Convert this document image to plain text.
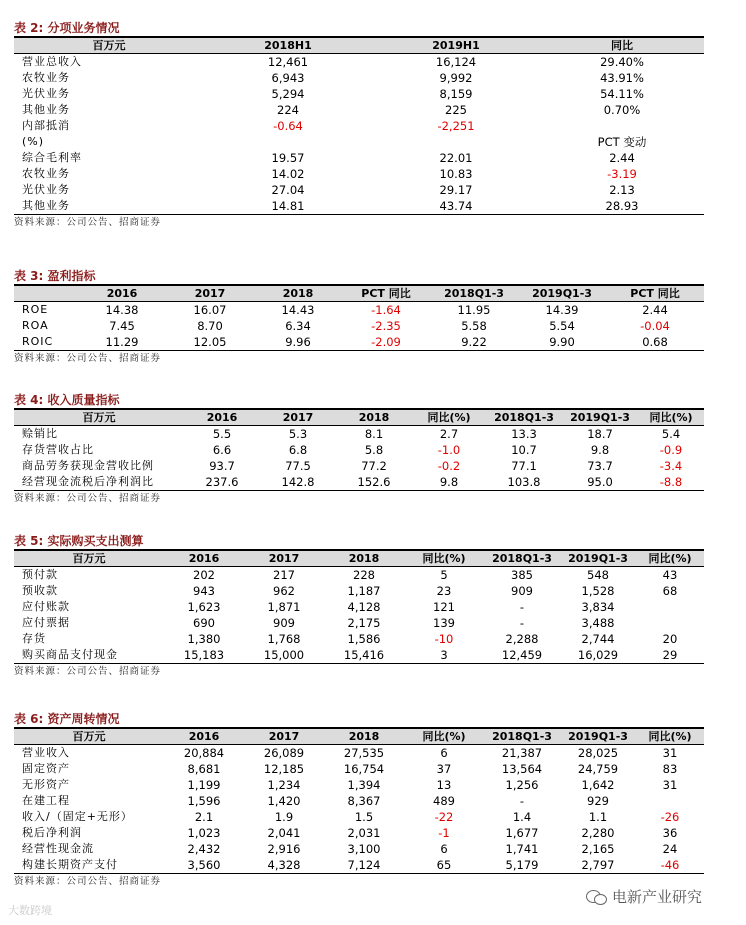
表 2: 分项业务情况
百万元	2018H1	2019H1	同比
营业总收入	12,461	16,124	29.40%
农牧业务	6,943	9,992	43.91%
光伏业务	5,294	8,159	54.11%
其他业务	224	225	0.70%
内部抵消	-0.64	-2,251	
(%)			PCT 变动
综合毛利率	19.57	22.01	2.44
农牧业务	14.02	10.83	-3.19
光伏业务	27.04	29.17	2.13
其他业务	14.81	43.74	28.93
资料来源：公司公告、招商证券
表 3: 盈利指标
	2016	2017	2018	PCT 同比	2018Q1-3	2019Q1-3	PCT 同比
ROE	14.38	16.07	14.43	-1.64	11.95	14.39	2.44
ROA	7.45	8.70	6.34	-2.35	5.58	5.54	-0.04
ROIC	11.29	12.05	9.96	-2.09	9.22	9.90	0.68
资料来源：公司公告、招商证券
表 4: 收入质量指标
百万元	2016	2017	2018	同比(%)	2018Q1-3	2019Q1-3	同比(%)
赊销比	5.5	5.3	8.1	2.7	13.3	18.7	5.4
存货营收占比	6.6	6.8	5.8	-1.0	10.7	9.8	-0.9
商品劳务获现金营收比例	93.7	77.5	77.2	-0.2	77.1	73.7	-3.4
经营现金流税后净利润比	237.6	142.8	152.6	9.8	103.8	95.0	-8.8
资料来源：公司公告、招商证券
表 5: 实际购买支出测算
百万元	2016	2017	2018	同比(%)	2018Q1-3	2019Q1-3	同比(%)
预付款	202	217	228	5	385	548	43
预收款	943	962	1,187	23	909	1,528	68
应付账款	1,623	1,871	4,128	121	-	3,834	
应付票据	690	909	2,175	139	-	3,488	
存货	1,380	1,768	1,586	-10	2,288	2,744	20
购买商品支付现金	15,183	15,000	15,416	3	12,459	16,029	29
资料来源：公司公告、招商证券
表 6: 资产周转情况
百万元	2016	2017	2018	同比(%)	2018Q1-3	2019Q1-3	同比(%)
营业收入	20,884	26,089	27,535	6	21,387	28,025	31
固定资产	8,681	12,185	16,754	37	13,564	24,759	83
无形资产	1,199	1,234	1,394	13	1,256	1,642	31
在建工程	1,596	1,420	8,367	489	-	929	
收入/（固定+无形）	2.1	1.9	1.5	-22	1.4	1.1	-26
税后净利润	1,023	2,041	2,031	-1	1,677	2,280	36
经营性现金流	2,432	2,916	3,100	6	1,741	2,165	24
构建长期资产支付	3,560	4,328	7,124	65	5,179	2,797	-46
资料来源：公司公告、招商证券
大数跨境
电新产业研究
